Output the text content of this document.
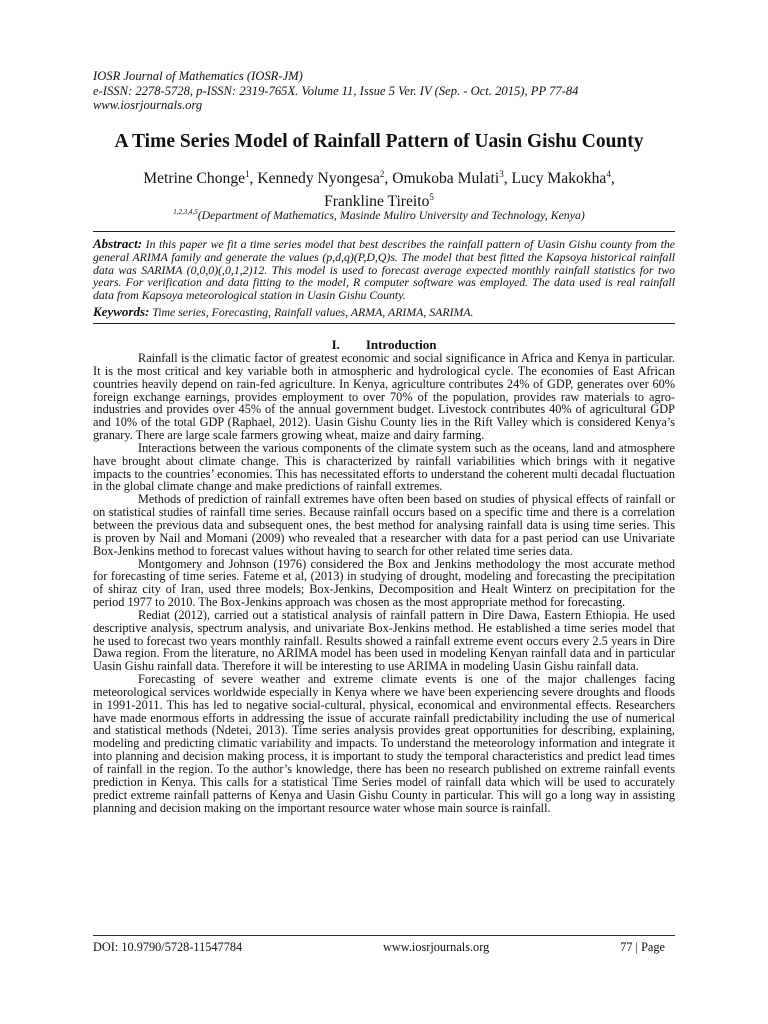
IOSR Journal of Mathematics (IOSR-JM)
e-ISSN: 2278-5728, p-ISSN: 2319-765X. Volume 11, Issue 5 Ver. IV (Sep. - Oct. 2015), PP 77-84
www.iosrjournals.org
A Time Series Model of Rainfall Pattern of Uasin Gishu County
Metrine Chonge$^1$, Kennedy Nyongesa$^2$, Omukoba Mulati$^3$, Lucy Makokha$^4$,
Frankline Tireito$^5$
$^{1,2,3,4,5}$(Department of Mathematics, Masinde Muliro University and Technology, Kenya)
Abstract: In this paper we fit a time series model that best describes the rainfall pattern of Uasin Gishu county from the general ARIMA family and generate the values (p,d,q)(P,D,Q)s. The model that best fitted the Kapsoya historical rainfall data was SARIMA (0,0,0)(,0,1,2)12. This model is used to forecast average expected monthly rainfall statistics for two years. For verification and data fitting to the model, R computer software was employed. The data used is real rainfall data from Kapsoya meteorological station in Uasin Gishu County.
Keywords: Time series, Forecasting, Rainfall values, ARMA, ARIMA, SARIMA.
I. Introduction

Rainfall is the climatic factor of greatest economic and social significance in Africa and Kenya in particular. It is the most critical and key variable both in atmospheric and hydrological cycle. The economies of East African countries heavily depend on rain-fed agriculture. In Kenya, agriculture contributes 24% of GDP, generates over 60% foreign exchange earnings, provides employment to over 70% of the population, provides raw materials to agro- industries and provides over 45% of the annual government budget. Livestock contributes 40% of agricultural GDP and 10% of the total GDP (Raphael, 2012). Uasin Gishu County lies in the Rift Valley which is considered Kenya’s granary. There are large scale farmers growing wheat, maize and dairy farming.

Interactions between the various components of the climate system such as the oceans, land and atmosphere have brought about climate change. This is characterized by rainfall variabilities which brings with it negative impacts to the countries’ economies. This has necessitated efforts to understand the coherent multi decadal fluctuation in the global climate change and make predictions of rainfall extremes.

Methods of prediction of rainfall extremes have often been based on studies of physical effects of rainfall or on statistical studies of rainfall time series. Because rainfall occurs based on a specific time and there is a correlation between the previous data and subsequent ones, the best method for analysing rainfall data is using time series. This is proven by Nail and Momani (2009) who revealed that a researcher with data for a past period can use Univariate Box-Jenkins method to forecast values without having to search for other related time series data.

Montgomery and Johnson (1976) considered the Box and Jenkins methodology the most accurate method for forecasting of time series. Fateme et al, (2013) in studying of drought, modeling and forecasting the precipitation of shiraz city of Iran, used three models; Box-Jenkins, Decomposition and Healt Winterz on precipitation for the period 1977 to 2010. The Box-Jenkins approach was chosen as the most appropriate method for forecasting.

Rediat (2012), carried out a statistical analysis of rainfall pattern in Dire Dawa, Eastern Ethiopia. He used descriptive analysis, spectrum analysis, and univariate Box-Jenkins method. He established a time series model that he used to forecast two years monthly rainfall. Results showed a rainfall extreme event occurs every 2.5 years in Dire Dawa region. From the literature, no ARIMA model has been used in modeling Kenyan rainfall data and in particular Uasin Gishu rainfall data. Therefore it will be interesting to use ARIMA in modeling Uasin Gishu rainfall data.

Forecasting of severe weather and extreme climate events is one of the major challenges facing meteorological services worldwide especially in Kenya where we have been experiencing severe droughts and floods in 1991-2011. This has led to negative social-cultural, physical, economical and environmental effects. Researchers have made enormous efforts in addressing the issue of accurate rainfall predictability including the use of numerical and statistical methods (Ndetei, 2013). Time series analysis provides great opportunities for describing, explaining, modeling and predicting climatic variability and impacts. To understand the meteorology information and integrate it into planning and decision making process, it is important to study the temporal characteristics and predict lead times of rainfall in the region. To the author’s knowledge, there has been no research published on extreme rainfall events prediction in Kenya. This calls for a statistical Time Series model of rainfall data which will be used to accurately predict extreme rainfall patterns of Kenya and Uasin Gishu County in particular. This will go a long way in assisting planning and decision making on the important resource water whose main source is rainfall.

DOI: 10.9790/5728-11547784	www.iosrjournals.org	77 | Page
